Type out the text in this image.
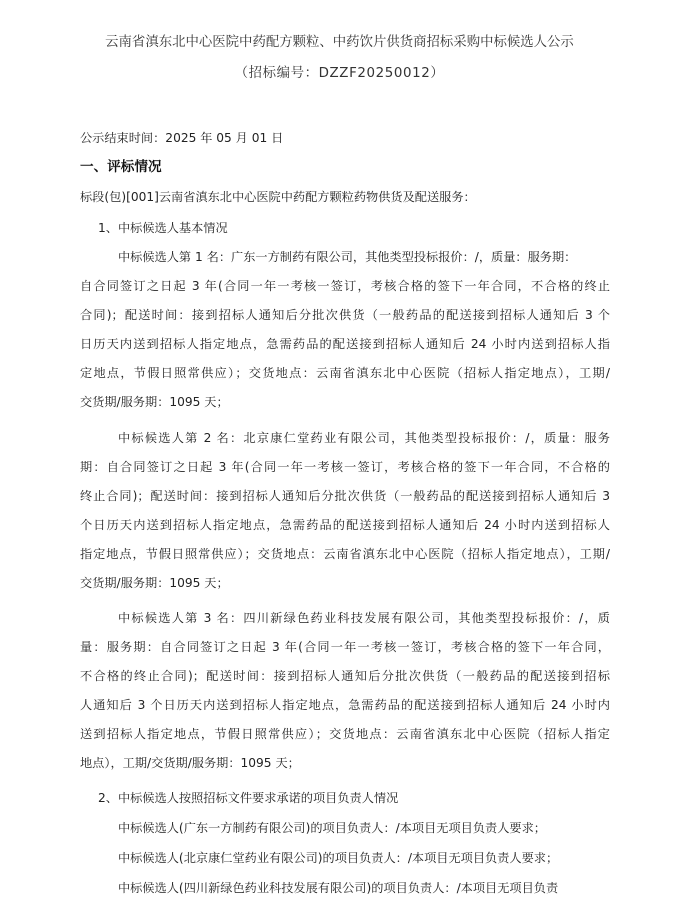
云南省滇东北中心医院中药配方颗粒、中药饮片供货商招标采购中标候选人公示
（招标编号：DZZF20250012）
公示结束时间：2025 年 05 月 01 日
一、评标情况
标段(包)[001]云南省滇东北中心医院中药配方颗粒药物供货及配送服务：
1、中标候选人基本情况
中标候选人第 1 名：广东一方制药有限公司，其他类型投标报价：/，质量：服务期：
自合同签订之日起 3 年(合同一年一考核一签订，考核合格的签下一年合同，不合格的终止
合同)；配送时间：接到招标人通知后分批次供货（一般药品的配送接到招标人通知后 3 个
日历天内送到招标人指定地点，急需药品的配送接到招标人通知后 24 小时内送到招标人指
定地点，节假日照常供应）；交货地点：云南省滇东北中心医院（招标人指定地点），工期/
交货期/服务期：1095 天；
中标候选人第 2 名：北京康仁堂药业有限公司，其他类型投标报价：/，质量：服务
期：自合同签订之日起 3 年(合同一年一考核一签订，考核合格的签下一年合同，不合格的
终止合同)；配送时间：接到招标人通知后分批次供货（一般药品的配送接到招标人通知后 3
个日历天内送到招标人指定地点，急需药品的配送接到招标人通知后 24 小时内送到招标人
指定地点，节假日照常供应）；交货地点：云南省滇东北中心医院（招标人指定地点），工期/
交货期/服务期：1095 天；
中标候选人第 3 名：四川新绿色药业科技发展有限公司，其他类型投标报价：/，质
量：服务期：自合同签订之日起 3 年(合同一年一考核一签订，考核合格的签下一年合同，
不合格的终止合同)；配送时间：接到招标人通知后分批次供货（一般药品的配送接到招标
人通知后 3 个日历天内送到招标人指定地点，急需药品的配送接到招标人通知后 24 小时内
送到招标人指定地点，节假日照常供应）；交货地点：云南省滇东北中心医院（招标人指定
地点），工期/交货期/服务期：1095 天；
2、中标候选人按照招标文件要求承诺的项目负责人情况
中标候选人(广东一方制药有限公司)的项目负责人：/本项目无项目负责人要求；
中标候选人(北京康仁堂药业有限公司)的项目负责人：/本项目无项目负责人要求；
中标候选人(四川新绿色药业科技发展有限公司)的项目负责人：/本项目无项目负责
